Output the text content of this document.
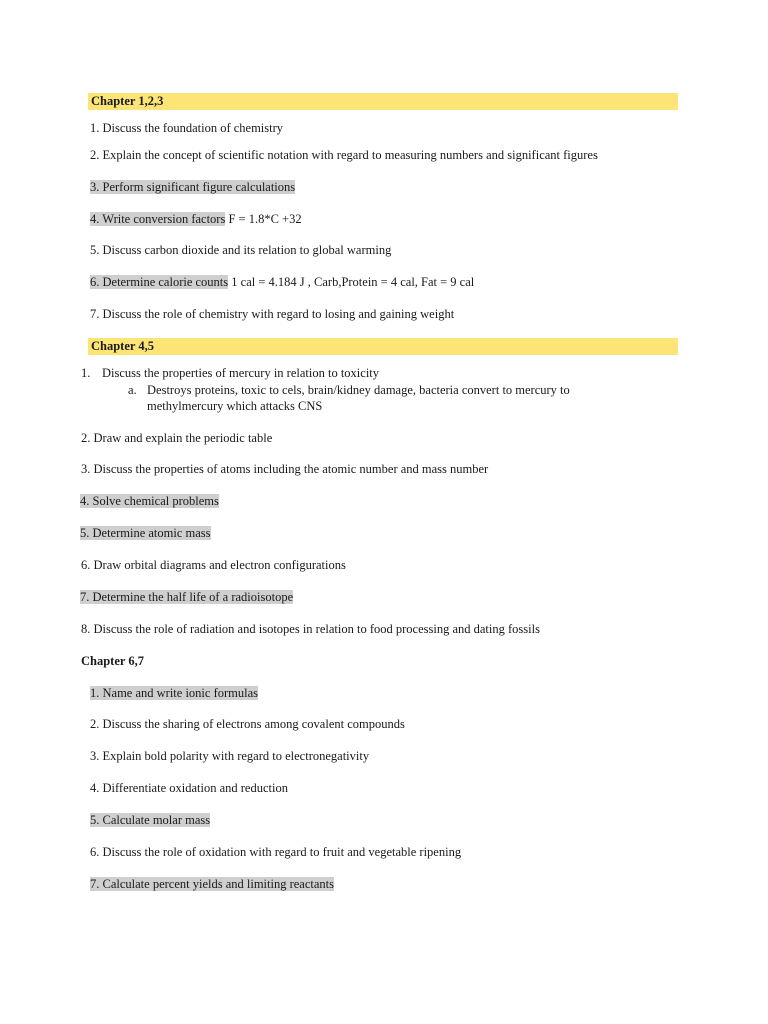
Chapter 1,2,3
1. Discuss the foundation of chemistry
2. Explain the concept of scientific notation with regard to measuring numbers and significant figures
3. Perform significant figure calculations
4. Write conversion factors F = 1.8*C +32
5. Discuss carbon dioxide and its relation to global warming
6. Determine calorie counts 1 cal = 4.184 J , Carb,Protein = 4 cal, Fat = 9 cal
7. Discuss the role of chemistry with regard to losing and gaining weight
Chapter 4,5
1. Discuss the properties of mercury in relation to toxicity
a. Destroys proteins, toxic to cels, brain/kidney damage, bacteria convert to mercury to
methylmercury which attacks CNS
2. Draw and explain the periodic table
3. Discuss the properties of atoms including the atomic number and mass number
4. Solve chemical problems
5. Determine atomic mass
6. Draw orbital diagrams and electron configurations
7. Determine the half life of a radioisotope
8. Discuss the role of radiation and isotopes in relation to food processing and dating fossils
Chapter 6,7
1. Name and write ionic formulas
2. Discuss the sharing of electrons among covalent compounds
3. Explain bold polarity with regard to electronegativity
4. Differentiate oxidation and reduction
5. Calculate molar mass
6. Discuss the role of oxidation with regard to fruit and vegetable ripening
7. Calculate percent yields and limiting reactants
